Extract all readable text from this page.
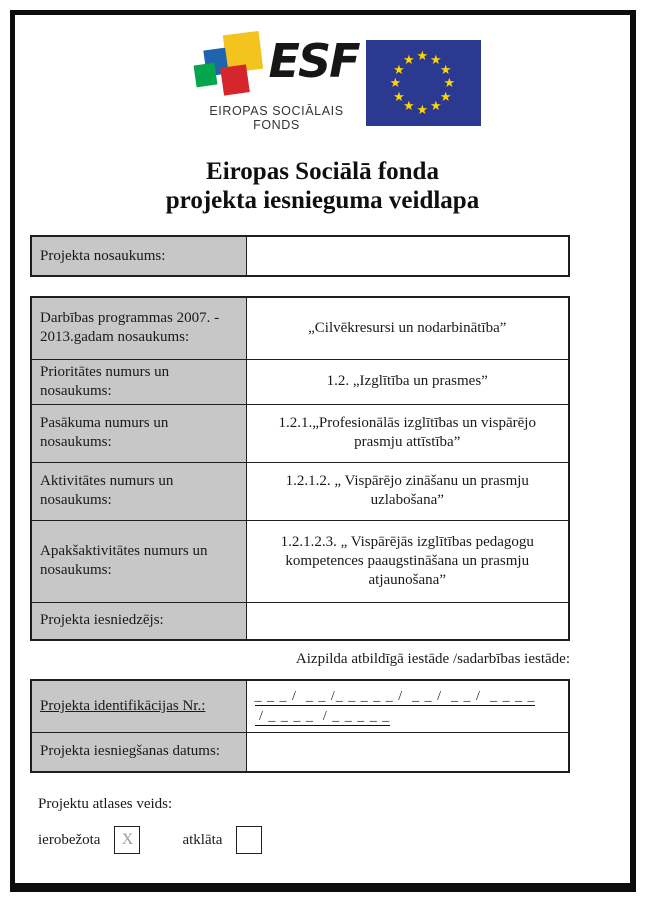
ESF
EIROPAS SOCIĀLAIS
FONDS
★ ★
★
★
★
★
★
★
★
★
★
★
Eiropas Sociālā fonda
projekta iesnieguma veidlapa
Projekta nosaukums:	
Darbības programmas 2007. - 2013.gadam nosaukums:	„Cilvēkresursi un nodarbinātība”
Prioritātes numurs un nosaukums:	1.2. „Izglītība un prasmes”
Pasākuma numurs un nosaukums:	1.2.1.„Profesionālās izglītības un vispārējo prasmju attīstība”
Aktivitātes numurs un nosaukums:	1.2.1.2. „ Vispārējo zināšanu un prasmju uzlabošana”
Apakšaktivitātes numurs un nosaukums:	1.2.1.2.3. „ Vispārējās izglītības pedagogu kompetences paaugstināšana un prasmju atjaunošana”
Projekta iesniedzējs:	
Aizpilda atbildīgā iestāde /sadarbības iestāde:
Projekta identifikācijas Nr.:	_ _ _ /  _ _ /_ _ _ _ _ /  _ _ /  _ _ /  _ _ _ _
/ _ _ _ _  / _ _ _ _ _
Projekta iesniegšanas datums:	
Projektu atlases veids:
ierobežota X	atklāta
